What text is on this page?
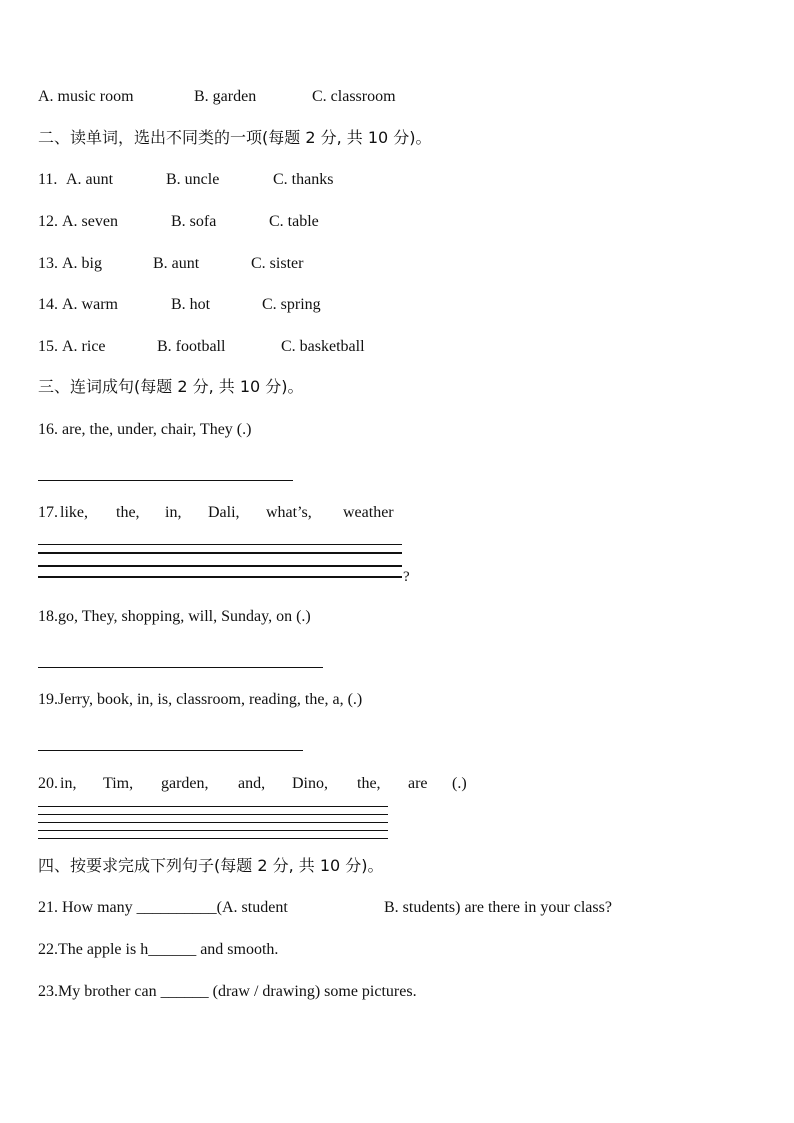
A. music room	B. garden	C. classroom
二、读单词，选出不同类的一项(每题 2 分, 共 10 分)。
11. A. aunt	B. uncle	C. thanks
12. A. seven	B. sofa	C. table
13. A. big	B. aunt	C. sister
14. A. warm	B. hot	C. spring
15. A. rice	B. football	C. basketball
三、连词成句(每题 2 分, 共 10 分)。
16. are, the, under, chair, They (.)
17. like, the, in, Dali, what’s, weather
?
18.go, They, shopping, will, Sunday, on (.)
19.Jerry, book, in, is, classroom, reading, the, a, (.)
20. in, Tim, garden, and, Dino, the, are (.)
四、按要求完成下列句子(每题 2 分, 共 10 分)。
21. How many __________(A. student	B. students) are there in your class?
22.The apple is h______ and smooth.
23.My brother can ______ (draw / drawing) some pictures.
